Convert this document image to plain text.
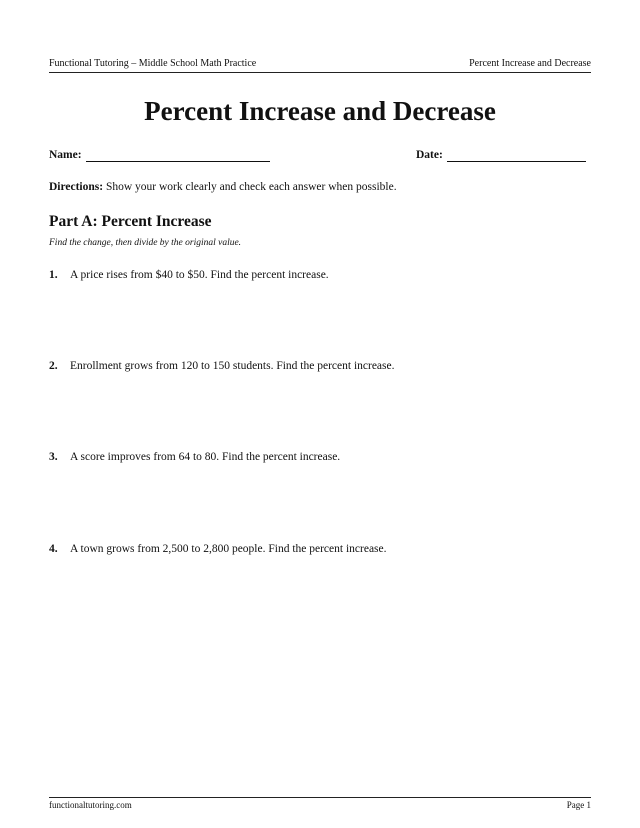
Functional Tutoring – Middle School Math Practice	Percent Increase and Decrease
Percent Increase and Decrease
Name:	Date:
Directions: Show your work clearly and check each answer when possible.
Part A: Percent Increase
Find the change, then divide by the original value.
1.	A price rises from $40 to $50. Find the percent increase.
2.	Enrollment grows from 120 to 150 students. Find the percent increase.
3.	A score improves from 64 to 80. Find the percent increase.
4.	A town grows from 2,500 to 2,800 people. Find the percent increase.
functionaltutoring.com	Page 1
